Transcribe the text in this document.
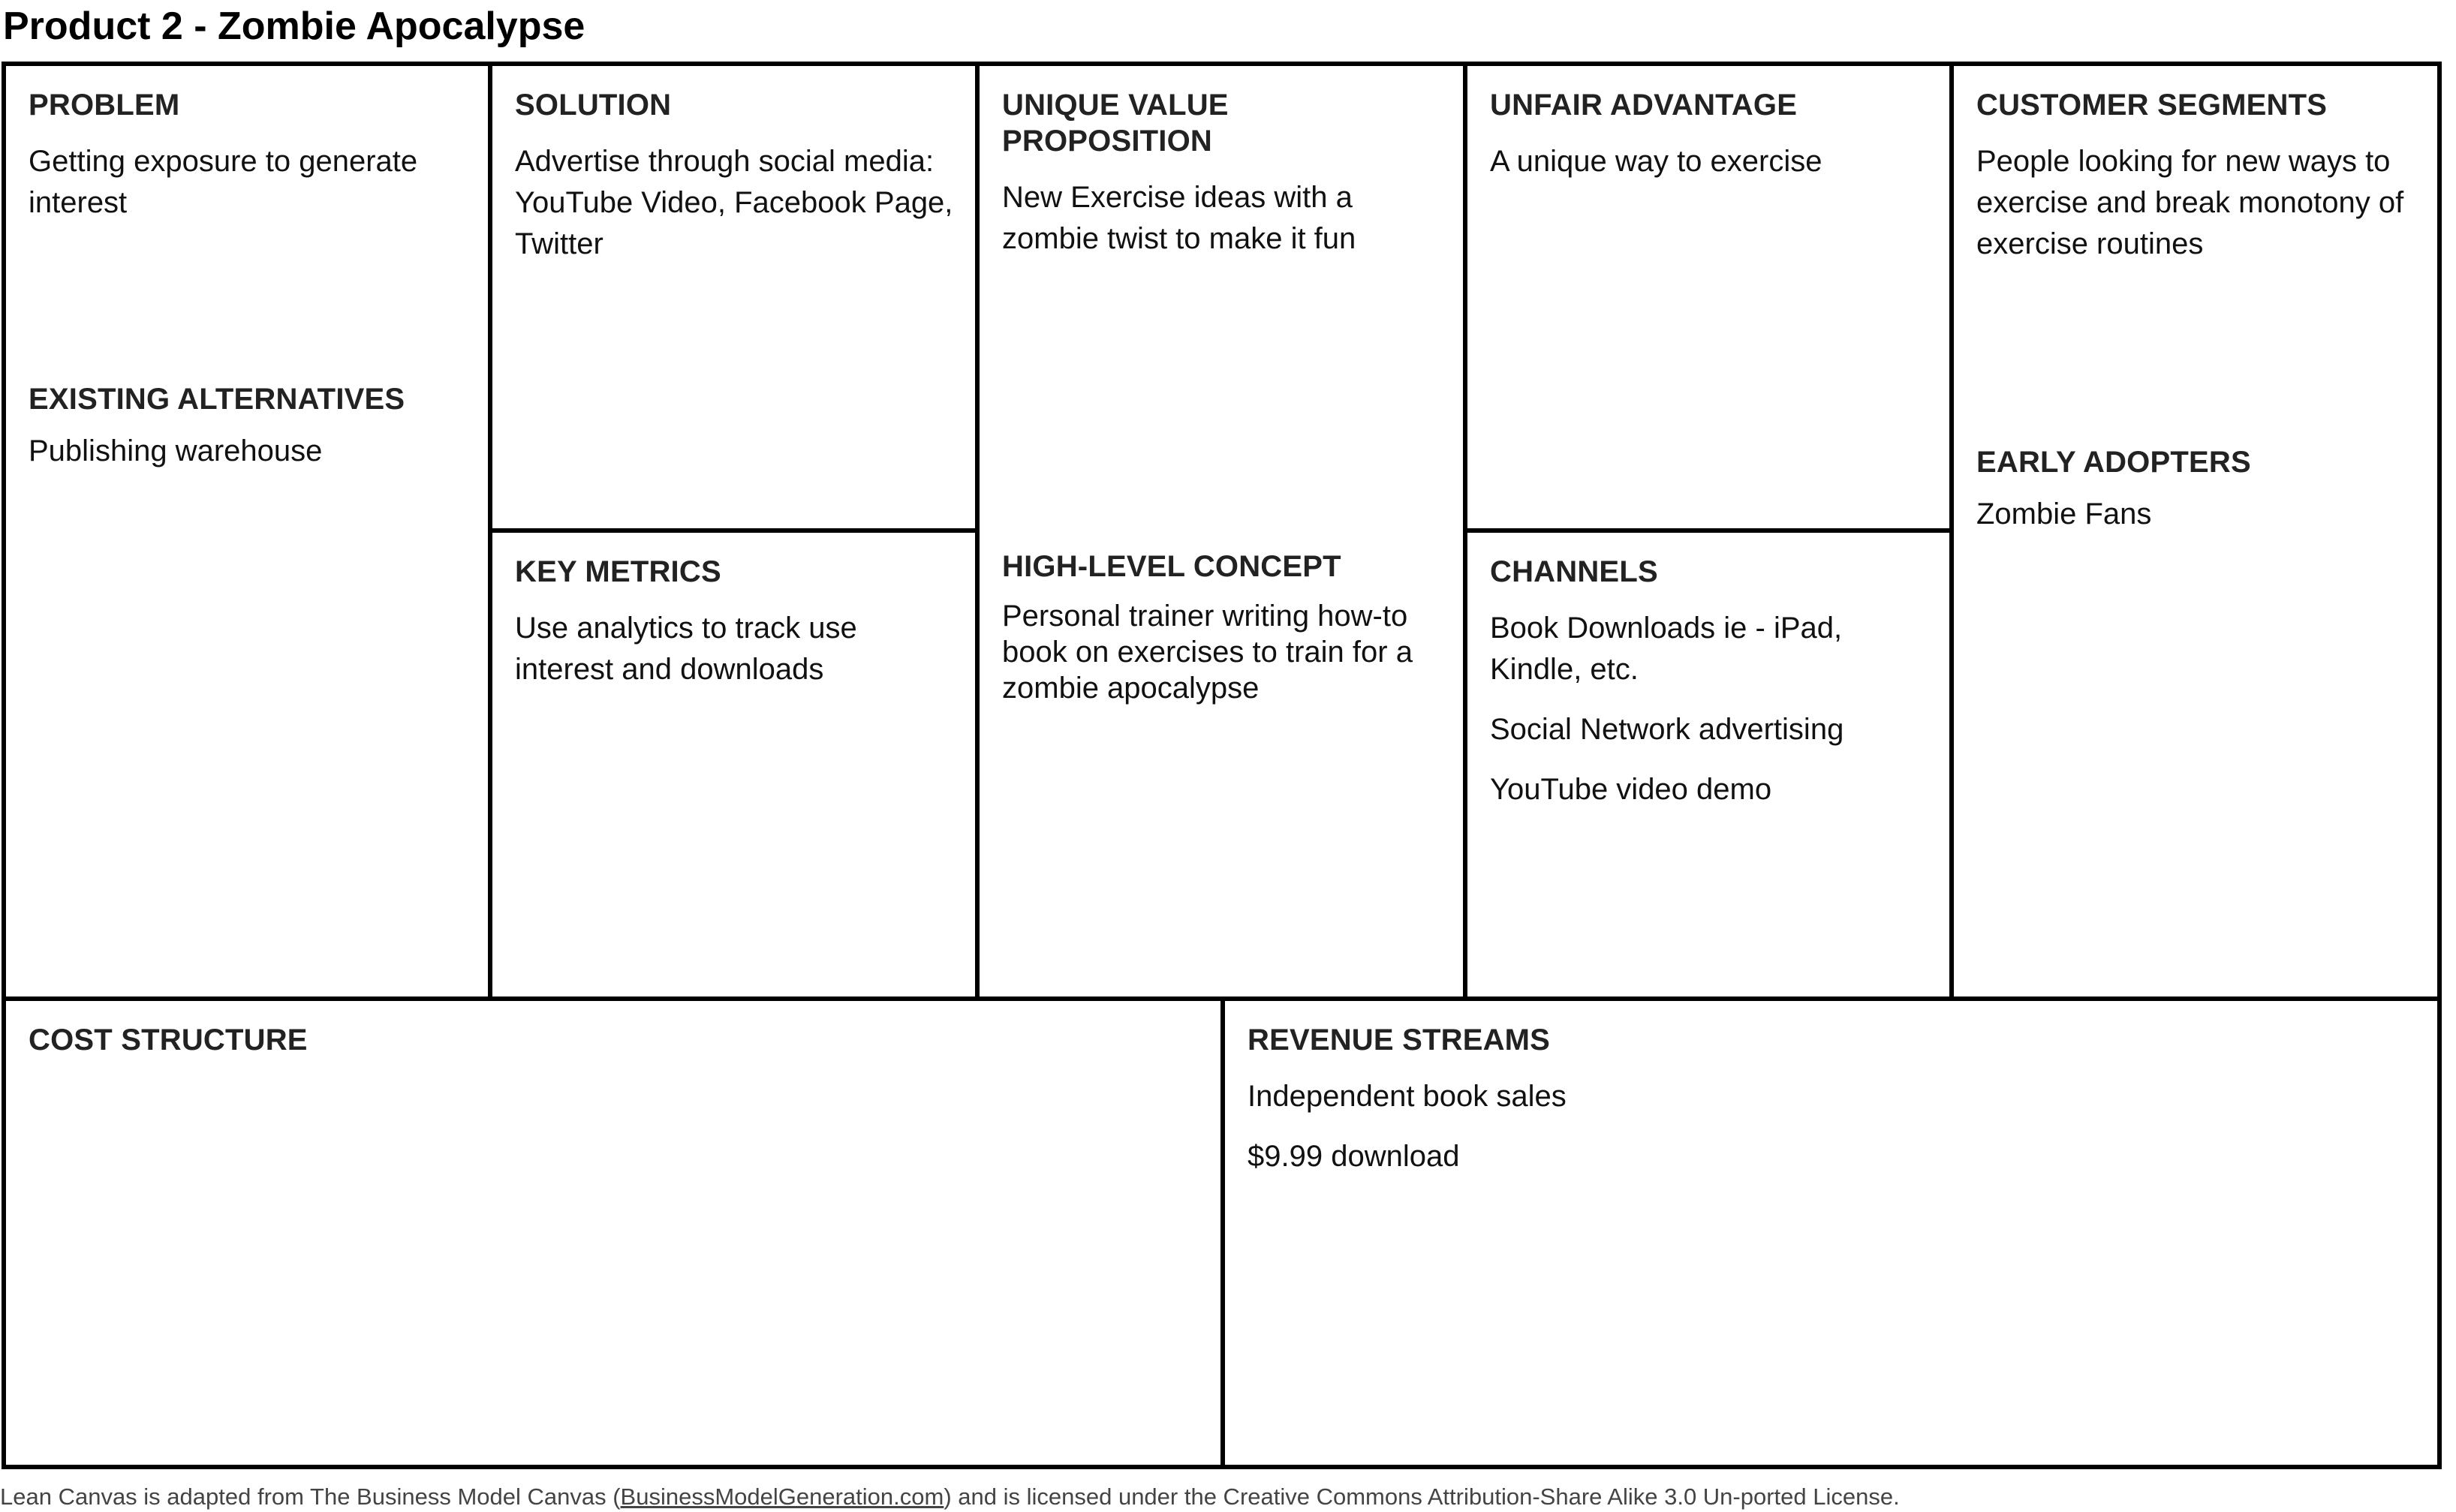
Product 2 - Zombie Apocalypse
PROBLEM
Getting exposure to generate interest
EXISTING ALTERNATIVES
Publishing warehouse
SOLUTION
Advertise through social media: YouTube Video, Facebook Page, Twitter
KEY METRICS
Use analytics to track use interest and downloads
UNIQUE VALUE PROPOSITION
New Exercise ideas with a zombie twist to make it fun
HIGH-LEVEL CONCEPT
Personal trainer writing how-to book on exercises to train for a zombie apocalypse
UNFAIR ADVANTAGE
A unique way to exercise
CHANNELS
Book Downloads ie - iPad, Kindle, etc.
Social Network advertising
YouTube video demo
CUSTOMER SEGMENTS
People looking for new ways to exercise and break monotony of exercise routines
EARLY ADOPTERS
Zombie Fans
COST STRUCTURE	REVENUE STREAMS
Independent book sales
$9.99 download
Lean Canvas is adapted from The Business Model Canvas (BusinessModelGeneration.com) and is licensed under the Creative Commons Attribution-Share Alike 3.0 Un-ported License.
